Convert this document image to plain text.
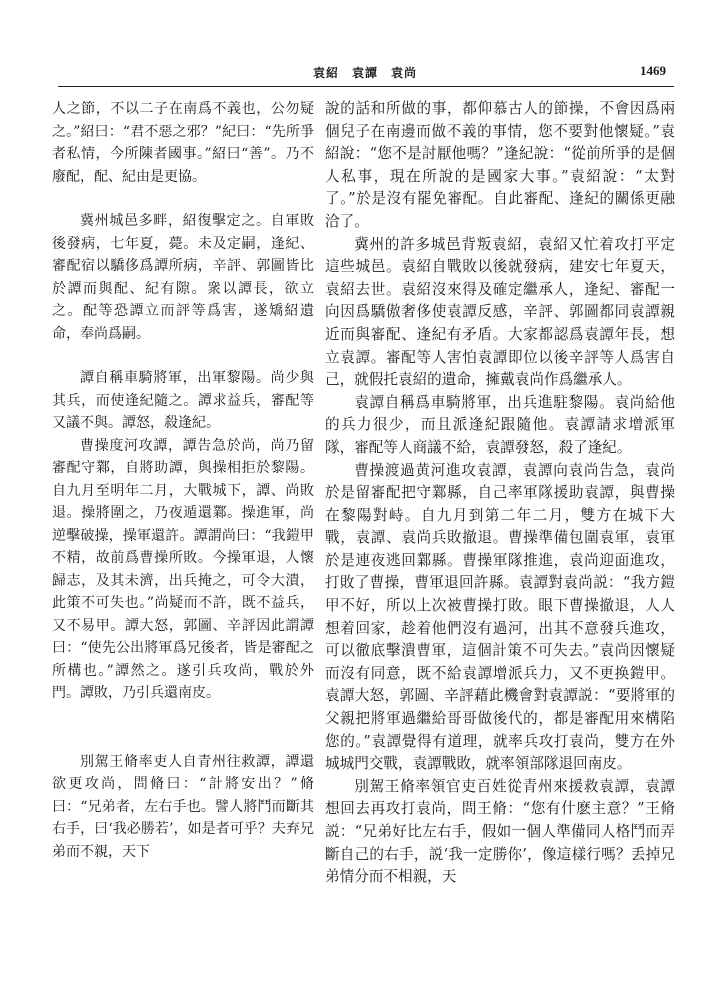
袁紹　袁譚　袁尚	1469

人之節，不以二子在南爲不義也，公勿疑之。”紹曰：“君不惡之邪？”紀曰：“先所爭者私情，今所陳者國事。”紹曰“善”。乃不廢配，配、紀由是更協。

冀州城邑多畔，紹復擊定之。自軍敗後發病，七年夏，薨。未及定嗣，逢紀、審配宿以驕侈爲譚所病，辛評、郭圖皆比於譚而與配、紀有隙。衆以譚長，欲立之。配等恐譚立而評等爲害，遂矯紹遺命，奉尚爲嗣。

譚自稱車騎將軍，出軍黎陽。尚少與其兵，而使逢紀隨之。譚求益兵，審配等又議不與。譚怒，殺逢紀。

曹操度河攻譚，譚告急於尚，尚乃留審配守鄴，自將助譚，與操相拒於黎陽。自九月至明年二月，大戰城下，譚、尚敗退。操將圍之，乃夜遁還鄴。操進軍，尚逆擊破操，操軍還許。譚謂尚曰：“我鎧甲不精，故前爲曹操所敗。今操軍退，人懷歸志，及其未濟，出兵掩之，可令大潰，此策不可失也。”尚疑而不許，既不益兵，又不易甲。譚大怒，郭圖、辛評因此謂譚曰：“使先公出將軍爲兄後者，皆是審配之所構也。”譚然之。遂引兵攻尚，戰於外門。譚敗，乃引兵還南皮。

別駕王脩率吏人自青州往救譚，譚還欲更攻尚，問脩曰：“計將安出？”脩曰：“兄弟者，左右手也。譬人將鬥而斷其右手，曰‘我必勝若’，如是者可乎？夫弃兄弟而不親，天下

說的話和所做的事，都仰慕古人的節操，不會因爲兩個兒子在南邊而做不義的事情，您不要對他懷疑。”袁紹說：“您不是討厭他嗎？”逢紀說：“從前所爭的是個人私事，現在所說的是國家大事。”袁紹說：“太對了。”於是沒有罷免審配。自此審配、逢紀的關係更融洽了。

冀州的許多城邑背叛袁紹，袁紹又忙着攻打平定這些城邑。袁紹自戰敗以後就發病，建安七年夏天，袁紹去世。袁紹沒來得及確定繼承人，逢紀、審配一向因爲驕傲奢侈使袁譚反感，辛評、郭圖都同袁譚親近而與審配、逢紀有矛盾。大家都認爲袁譚年長，想立袁譚。審配等人害怕袁譚即位以後辛評等人爲害自己，就假托袁紹的遺命，擁戴袁尚作爲繼承人。

袁譚自稱爲車騎將軍，出兵進駐黎陽。袁尚給他的兵力很少，而且派逢紀跟隨他。袁譚請求增派軍隊，審配等人商議不給，袁譚發怒，殺了逢紀。

曹操渡過黄河進攻袁譚，袁譚向袁尚告急，袁尚於是留審配把守鄴縣，自己率軍隊援助袁譚，與曹操在黎陽對峙。自九月到第二年二月，雙方在城下大戰，袁譚、袁尚兵敗撤退。曹操準備包圍袁軍，袁軍於是連夜逃回鄴縣。曹操軍隊推進，袁尚迎面進攻，打敗了曹操，曹軍退回許縣。袁譚對袁尚説：“我方鎧甲不好，所以上次被曹操打敗。眼下曹操撤退，人人想着回家，趁着他們沒有過河，出其不意發兵進攻，可以徹底擊潰曹軍，這個計策不可失去。”袁尚因懷疑而沒有同意，既不給袁譚增派兵力，又不更换鎧甲。袁譚大怒，郭圖、辛評藉此機會對袁譚説：“要將軍的父親把將軍過繼給哥哥做後代的，都是審配用來構陷您的。”袁譚覺得有道理，就率兵攻打袁尚，雙方在外城城門交戰，袁譚戰敗，就率領部隊退回南皮。

別駕王脩率領官吏百姓從青州來援救袁譚，袁譚想回去再攻打袁尚，問王脩：“您有什麽主意？”王脩説：“兄弟好比左右手，假如一個人準備同人格鬥而弄斷自己的右手，説‘我一定勝你’，像這樣行嗎？丢掉兄弟情分而不相親，天
